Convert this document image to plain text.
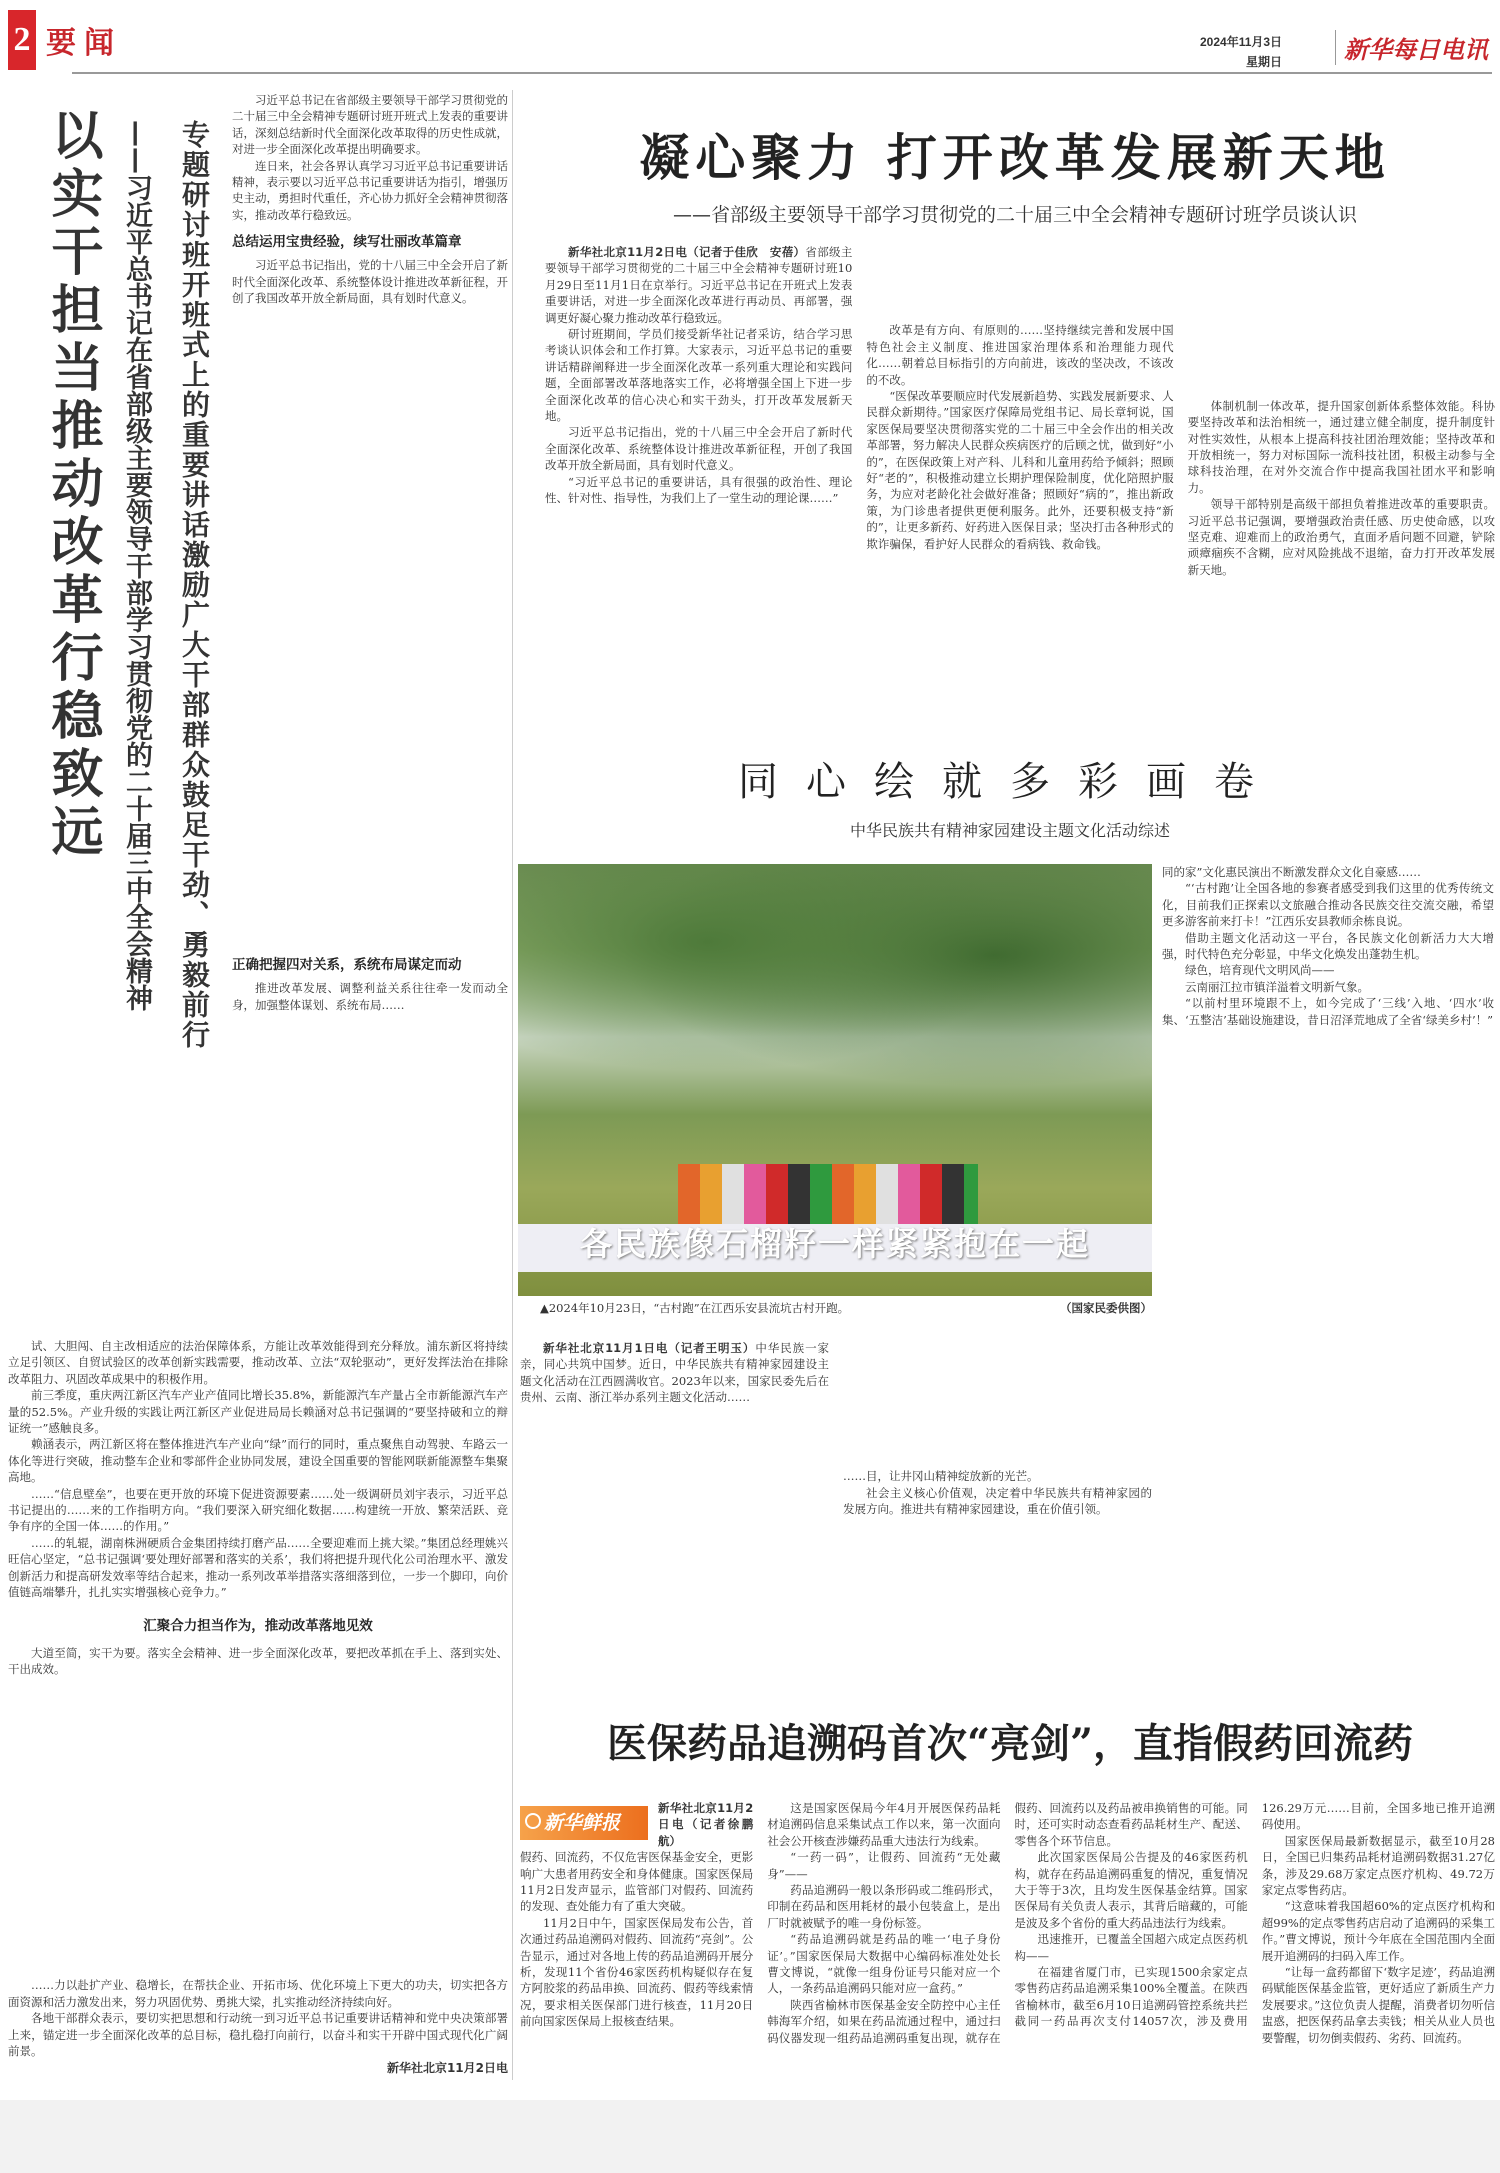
2 要闻	2024年11月3日
星期日	新华每日电讯
以实干担当推动改革行稳致远	专题研讨班开班式上的重要讲话激励广大干部群众鼓足干劲、勇毅前行
——习近平总书记在省部级主要领导干部学习贯彻党的二十届三中全会精神

习近平总书记在省部级主要领导干部学习贯彻党的二十届三中全会精神专题研讨班开班式上发表的重要讲话，深刻总结新时代全面深化改革取得的历史性成就，对进一步全面深化改革提出明确要求。

连日来，社会各界认真学习习近平总书记重要讲话精神，表示要以习近平总书记重要讲话为指引，增强历史主动，勇担时代重任，齐心协力抓好全会精神贯彻落实，推动改革行稳致远。

总结运用宝贵经验，续写壮丽改革篇章

习近平总书记指出，党的十八届三中全会开启了新时代全面深化改革、系统整体设计推进改革新征程，开创了我国改革开放全新局面，具有划时代意义。

正确把握四对关系，系统布局谋定而动

推进改革发展、调整利益关系往往牵一发而动全身，加强整体谋划、系统布局……

试、大胆闯、自主改相适应的法治保障体系，方能让改革效能得到充分释放。浦东新区将持续立足引领区、自贸试验区的改革创新实践需要，推动改革、立法“双轮驱动”，更好发挥法治在排除改革阻力、巩固改革成果中的积极作用。

前三季度，重庆两江新区汽车产业产值同比增长35.8%，新能源汽车产量占全市新能源汽车产量的52.5%。产业升级的实践让两江新区产业促进局局长赖涵对总书记强调的“要坚持破和立的辩证统一”感触良多。

赖涵表示，两江新区将在整体推进汽车产业向“绿”而行的同时，重点聚焦自动驾驶、车路云一体化等进行突破，推动整车企业和零部件企业协同发展，建设全国重要的智能网联新能源整车集聚高地。

……“信息壁垒”，也要在更开放的环境下促进资源要素……处一级调研员刘宇表示，习近平总书记提出的……来的工作指明方向。“我们要深入研究细化数据……构建统一开放、繁荣活跃、竞争有序的全国一体……的作用。”

……的轧辊，湖南株洲硬质合金集团持续打磨产品……全要迎难而上挑大梁。”集团总经理姚兴旺信心坚定，“总书记强调‘要处理好部署和落实的关系’，我们将把提升现代化公司治理水平、激发创新活力和提高研发效率等结合起来，推动一系列改革举措落实落细落到位，一步一个脚印，向价值链高端攀升，扎扎实实增强核心竞争力。”

汇聚合力担当作为，推动改革落地见效

大道至简，实干为要。落实全会精神、进一步全面深化改革，要把改革抓在手上、落到实处、干出成效。

……力以赴扩产业、稳增长，在帮扶企业、开拓市场、优化环境上下更大的功夫，切实把各方面资源和活力激发出来，努力巩固优势、勇挑大梁，扎实推动经济持续向好。

各地干部群众表示，要切实把思想和行动统一到习近平总书记重要讲话精神和党中央决策部署上来，锚定进一步全面深化改革的总目标，稳扎稳打向前行，以奋斗和实干开辟中国式现代化广阔前景。

新华社北京11月2日电
凝心聚力 打开改革发展新天地
——省部级主要领导干部学习贯彻党的二十届三中全会精神专题研讨班学员谈认识

新华社北京11月2日电（记者于佳欣　安蓓）省部级主要领导干部学习贯彻党的二十届三中全会精神专题研讨班10月29日至11月1日在京举行。习近平总书记在开班式上发表重要讲话，对进一步全面深化改革进行再动员、再部署，强调更好凝心聚力推动改革行稳致远。

研讨班期间，学员们接受新华社记者采访，结合学习思考谈认识体会和工作打算。大家表示，习近平总书记的重要讲话精辟阐释进一步全面深化改革一系列重大理论和实践问题，全面部署改革落地落实工作，必将增强全国上下进一步全面深化改革的信心决心和实干劲头，打开改革发展新天地。

习近平总书记指出，党的十八届三中全会开启了新时代全面深化改革、系统整体设计推进改革新征程，开创了我国改革开放全新局面，具有划时代意义。

“习近平总书记的重要讲话，具有很强的政治性、理论性、针对性、指导性，为我们上了一堂生动的理论课……”

改革是有方向、有原则的……坚持继续完善和发展中国特色社会主义制度、推进国家治理体系和治理能力现代化……朝着总目标指引的方向前进，该改的坚决改，不该改的不改。

“医保改革要顺应时代发展新趋势、实践发展新要求、人民群众新期待。”国家医疗保障局党组书记、局长章轲说，国家医保局要坚决贯彻落实党的二十届三中全会作出的相关改革部署，努力解决人民群众疾病医疗的后顾之忧，做到好“小的”，在医保政策上对产科、儿科和儿童用药给予倾斜；照顾好“老的”，积极推动建立长期护理保险制度，优化陪照护服务，为应对老龄化社会做好准备；照顾好“病的”，推出新政策，为门诊患者提供更便利服务。此外，还要积极支持“新的”，让更多新药、好药进入医保目录；坚决打击各种形式的欺诈骗保，看护好人民群众的看病钱、救命钱。

体制机制一体改革，提升国家创新体系整体效能。科协要坚持改革和法治相统一，通过建立健全制度，提升制度针对性实效性，从根本上提高科技社团治理效能；坚持改革和开放相统一，努力对标国际一流科技社团，积极主动参与全球科技治理，在对外交流合作中提高我国社团水平和影响力。

领导干部特别是高级干部担负着推进改革的重要职责。习近平总书记强调，要增强政治责任感、历史使命感，以攻坚克难、迎难而上的政治勇气，直面矛盾问题不回避，铲除顽瘴痼疾不含糊，应对风险挑战不退缩，奋力打开改革发展新天地。

同心绘就多彩画卷
中华民族共有精神家园建设主题文化活动综述
各民族像石榴籽一样紧紧抱在一起
▲2024年10月23日，“古村跑”在江西乐安县流坑古村开跑。	（国家民委供图）

同的家”文化惠民演出不断激发群众文化自豪感……

“‘古村跑’让全国各地的参赛者感受到我们这里的优秀传统文化，目前我们正探索以文旅融合推动各民族交往交流交融，希望更多游客前来打卡！”江西乐安县教师余栋良说。

借助主题文化活动这一平台，各民族文化创新活力大大增强，时代特色充分彰显，中华文化焕发出蓬勃生机。

绿色，培育现代文明风尚——

云南丽江拉市镇洋溢着文明新气象。

“以前村里环境跟不上，如今完成了‘三线’入地、‘四水’收集、‘五整洁’基础设施建设，昔日沼泽荒地成了全省‘绿美乡村’！”

新华社北京11月1日电（记者王明玉）中华民族一家亲，同心共筑中国梦。近日，中华民族共有精神家园建设主题文化活动在江西圆满收官。2023年以来，国家民委先后在贵州、云南、浙江举办系列主题文化活动……

……目，让井冈山精神绽放新的光芒。

社会主义核心价值观，决定着中华民族共有精神家园的发展方向。推进共有精神家园建设，重在价值引领。

医保药品追溯码首次“亮剑”，直指假药回流药
新华鲜报

新华社北京11月2日电（记者徐鹏航）

假药、回流药，不仅危害医保基金安全，更影响广大患者用药安全和身体健康。国家医保局11月2日发声显示，监管部门对假药、回流药的发现、查处能力有了重大突破。

11月2日中午，国家医保局发布公告，首次通过药品追溯码对假药、回流药“亮剑”。公告显示，通过对各地上传的药品追溯码开展分析，发现11个省份46家医药机构疑似存在复方阿胶浆的药品串换、回流药、假药等线索情况，要求相关医保部门进行核查，11月20日前向国家医保局上报核查结果。

这是国家医保局今年4月开展医保药品耗材追溯码信息采集试点工作以来，第一次面向社会公开核查涉嫌药品重大违法行为线索。

“一药一码”，让假药、回流药“无处藏身”——

药品追溯码一般以条形码或二维码形式，印制在药品和医用耗材的最小包装盒上，是出厂时就被赋予的唯一身份标签。

“药品追溯码就是药品的唯一‘电子身份证’。”国家医保局大数据中心编码标准处处长曹文博说，“就像一组身份证号只能对应一个人，一条药品追溯码只能对应一盒药。”

陕西省榆林市医保基金安全防控中心主任韩海军介绍，如果在药品流通过程中，通过扫码仪器发现一组药品追溯码重复出现，就存在假药、回流药以及药品被串换销售的可能。同时，还可实时动态查看药品耗材生产、配送、零售各个环节信息。

此次国家医保局公告提及的46家医药机构，就存在药品追溯码重复的情况，重复情况大于等于3次，且均发生医保基金结算。国家医保局有关负责人表示，其背后暗藏的，可能是波及多个省份的重大药品违法行为线索。

迅速推开，已覆盖全国超六成定点医药机构——

在福建省厦门市，已实现1500余家定点零售药店药品追溯采集100%全覆盖。在陕西省榆林市，截至6月10日追溯码管控系统共拦截同一药品再次支付14057次，涉及费用126.29万元……目前，全国多地已推开追溯码使用。

国家医保局最新数据显示，截至10月28日，全国已归集药品耗材追溯码数据31.27亿条，涉及29.68万家定点医疗机构、49.72万家定点零售药店。

“这意味着我国超60%的定点医疗机构和超99%的定点零售药店启动了追溯码的采集工作。”曹文博说，预计今年底在全国范围内全面展开追溯码的扫码入库工作。

“让每一盒药都留下‘数字足迹’，药品追溯码赋能医保基金监管，更好适应了新质生产力发展要求。”这位负责人提醒，消费者切勿听信盅惑，把医保药品拿去卖钱；相关从业人员也要警醒，切勿倒卖假药、劣药、回流药。
